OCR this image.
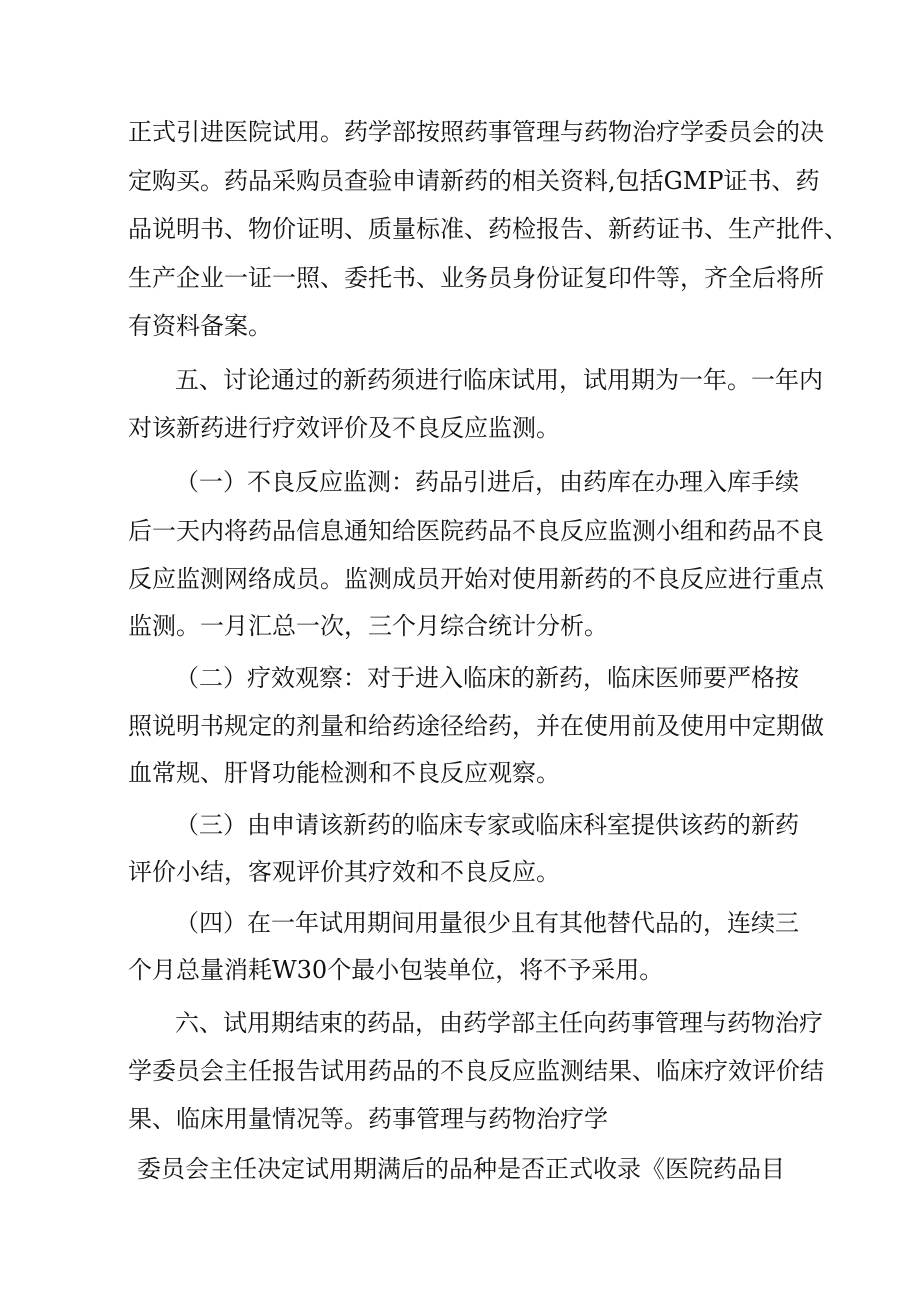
正式引进医院试用。药学部按照药事管理与药物治疗学委员会的决
定购买。药品采购员查验申请新药的相关资料,包括GMP证书、药
品说明书、物价证明、质量标准、药检报告、新药证书、生产批件、
生产企业一证一照、委托书、业务员身份证复印件等，齐全后将所
有资料备案。
五、讨论通过的新药须进行临床试用，试用期为一年。一年内
对该新药进行疗效评价及不良反应监测。
（一）不良反应监测：药品引进后，由药库在办理入库手续
后一天内将药品信息通知给医院药品不良反应监测小组和药品不良
反应监测网络成员。监测成员开始对使用新药的不良反应进行重点
监测。一月汇总一次，三个月综合统计分析。
（二）疗效观察：对于进入临床的新药，临床医师要严格按
照说明书规定的剂量和给药途径给药，并在使用前及使用中定期做
血常规、肝肾功能检测和不良反应观察。
（三）由申请该新药的临床专家或临床科室提供该药的新药
评价小结，客观评价其疗效和不良反应。
（四）在一年试用期间用量很少且有其他替代品的，连续三
个月总量消耗W30个最小包装单位，将不予采用。
六、试用期结束的药品，由药学部主任向药事管理与药物治疗
学委员会主任报告试用药品的不良反应监测结果、临床疗效评价结
果、临床用量情况等。药事管理与药物治疗学
委员会主任决定试用期满后的品种是否正式收录《医院药品目
